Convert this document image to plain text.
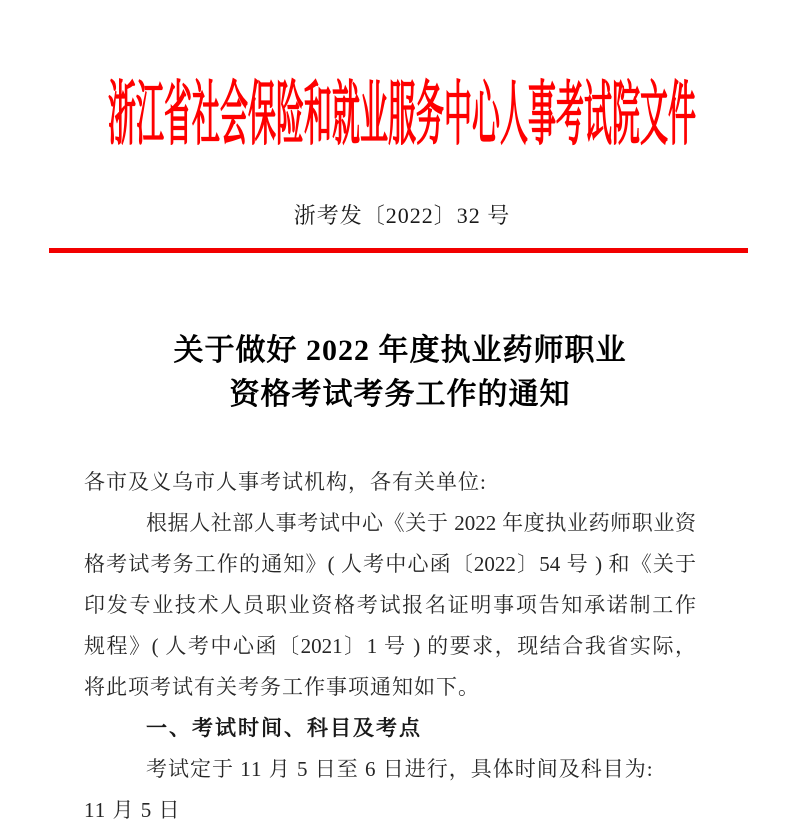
浙江省社会保险和就业服务中心人事考试院文件
浙考发〔2022〕32 号
关于做好 2022 年度执业药师职业
资格考试考务工作的通知
各市及义乌市人事考试机构，各有关单位:
根据人社部人事考试中心《关于 2022 年度执业药师职业资
格考试考务工作的通知》( 人考中心函〔2022〕54 号 ) 和《关于
印发专业技术人员职业资格考试报名证明事项告知承诺制工作
规程》( 人考中心函〔2021〕1 号 ) 的要求，现结合我省实际，
将此项考试有关考务工作事项通知如下。
一、考试时间、科目及考点
考试定于 11 月 5 日至 6 日进行，具体时间及科目为:
11 月 5 日
